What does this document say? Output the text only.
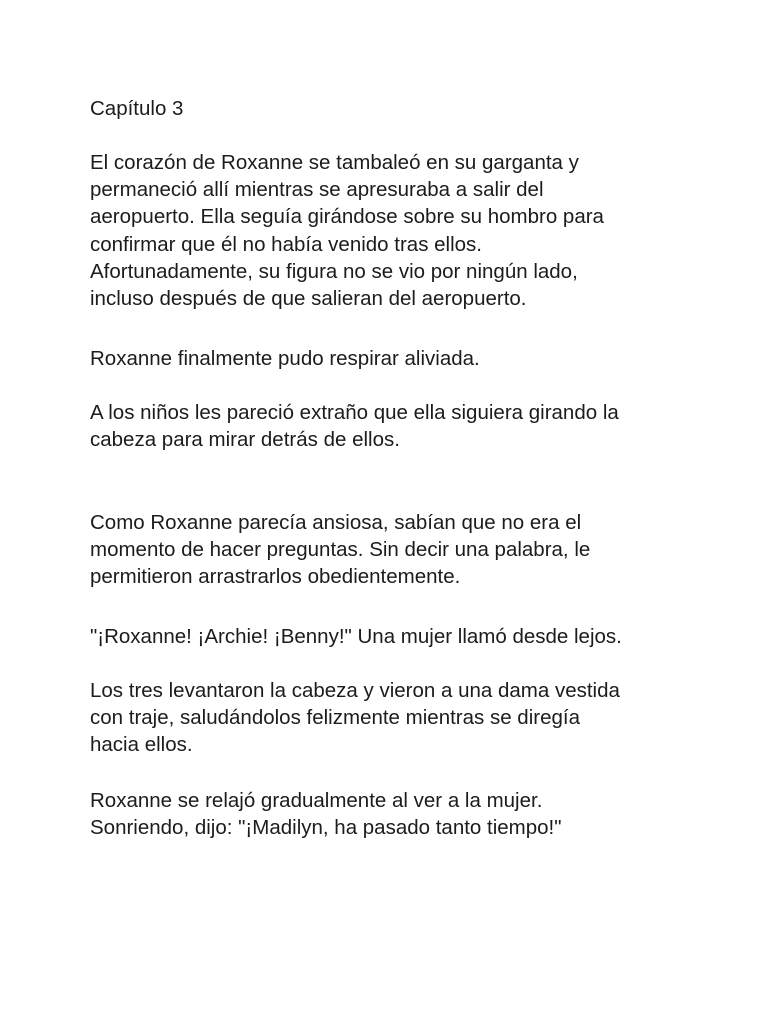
Capítulo 3

El corazón de Roxanne se tambaleó en su garganta y
permaneció allí mientras se apresuraba a salir del
aeropuerto. Ella seguía girándose sobre su hombro para
confirmar que él no había venido tras ellos.
Afortunadamente, su figura no se vio por ningún lado,
incluso después de que salieran del aeropuerto.

Roxanne finalmente pudo respirar aliviada.

A los niños les pareció extraño que ella siguiera girando la
cabeza para mirar detrás de ellos.

Como Roxanne parecía ansiosa, sabían que no era el
momento de hacer preguntas. Sin decir una palabra, le
permitieron arrastrarlos obedientemente.

"¡Roxanne! ¡Archie! ¡Benny!" Una mujer llamó desde lejos.

Los tres levantaron la cabeza y vieron a una dama vestida
con traje, saludándolos felizmente mientras se diregía
hacia ellos.

Roxanne se relajó gradualmente al ver a la mujer.
Sonriendo, dijo: "¡Madilyn, ha pasado tanto tiempo!"
